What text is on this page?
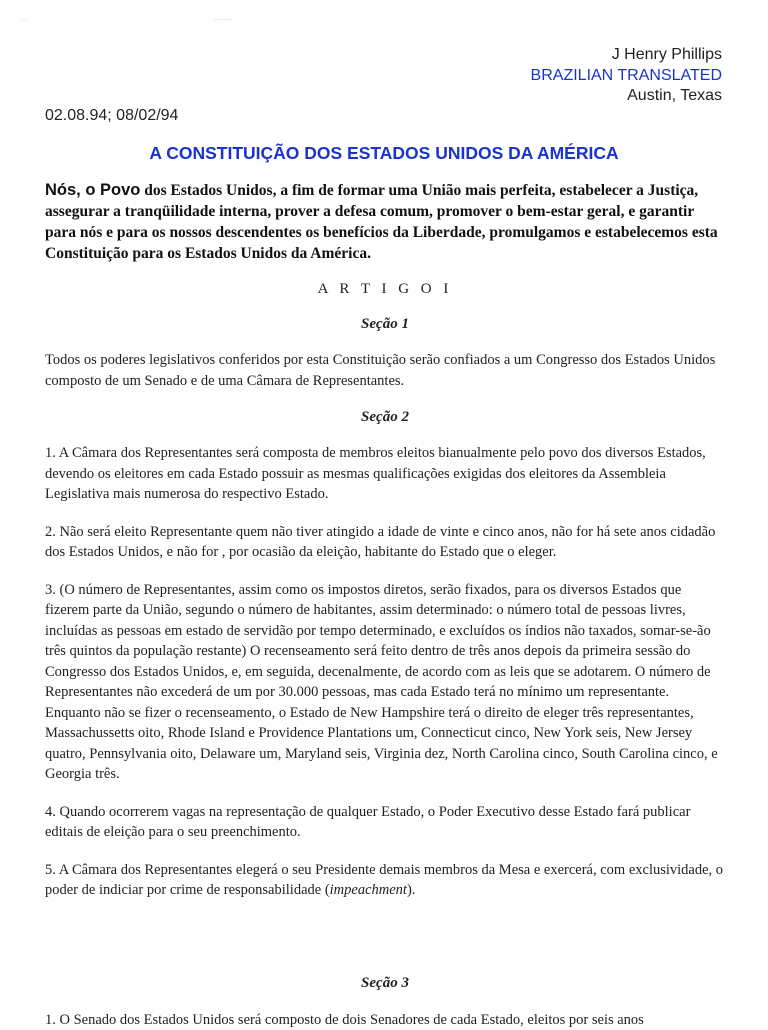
— —	——————
J Henry Phillips
BRAZILIAN TRANSLATED
Austin, Texas
02.08.94; 08/02/94
A CONSTITUIÇÃO DOS ESTADOS UNIDOS DA AMÉRICA

Nós, o Povo dos Estados Unidos, a fim de formar uma União mais perfeita, estabelecer a Justiça, assegurar a tranqüilidade interna, prover a defesa comum, promover o bem-estar geral, e garantir para nós e para os nossos descendentes os benefícios da Liberdade, promulgamos e estabelecemos esta Constituição para os Estados Unidos da América.

A R T I G O I
Seção 1

Todos os poderes legislativos conferidos por esta Constituição serão confiados a um Congresso dos Estados Unidos composto de um Senado e de uma Câmara de Representantes.

Seção 2

1. A Câmara dos Representantes será composta de membros eleitos bianualmente pelo povo dos diversos Estados, devendo os eleitores em cada Estado possuir as mesmas qualificações exigidas dos eleitores da Assembleia Legislativa mais numerosa do respectivo Estado.

2. Não será eleito Representante quem não tiver atingido a idade de vinte e cinco anos, não for há sete anos cidadão dos Estados Unidos, e não for , por ocasião da eleição, habitante do Estado que o eleger.

3. (O número de Representantes, assim como os impostos diretos, serão fixados, para os diversos Estados que fizerem parte da União, segundo o número de habitantes, assim determinado: o número total de pessoas livres, incluídas as pessoas em estado de servidão por tempo determinado, e excluídos os índios não taxados, somar-se-ão três quintos da população restante) O recenseamento será feito dentro de três anos depois da primeira sessão do Congresso dos Estados Unidos, e, em seguida, decenalmente, de acordo com as leis que se adotarem. O número de Representantes não excederá de um por 30.000 pessoas, mas cada Estado terá no mínimo um representante. Enquanto não se fizer o recenseamento, o Estado de New Hampshire terá o direito de eleger três representantes, Massachussetts oito, Rhode Island e Providence Plantations um, Connecticut cinco, New York seis, New Jersey quatro, Pennsylvania oito, Delaware um, Maryland seis, Virginia dez, North Carolina cinco, South Carolina cinco, e Georgia três.

4. Quando ocorrerem vagas na representação de qualquer Estado, o Poder Executivo desse Estado fará publicar editais de eleição para o seu preenchimento.

5. A Câmara dos Representantes elegerá o seu Presidente demais membros da Mesa e exercerá, com exclusividade, o poder de indiciar por crime de responsabilidade (impeachment).

Seção 3

1. O Senado dos Estados Unidos será composto de dois Senadores de cada Estado, eleitos por seis anos
